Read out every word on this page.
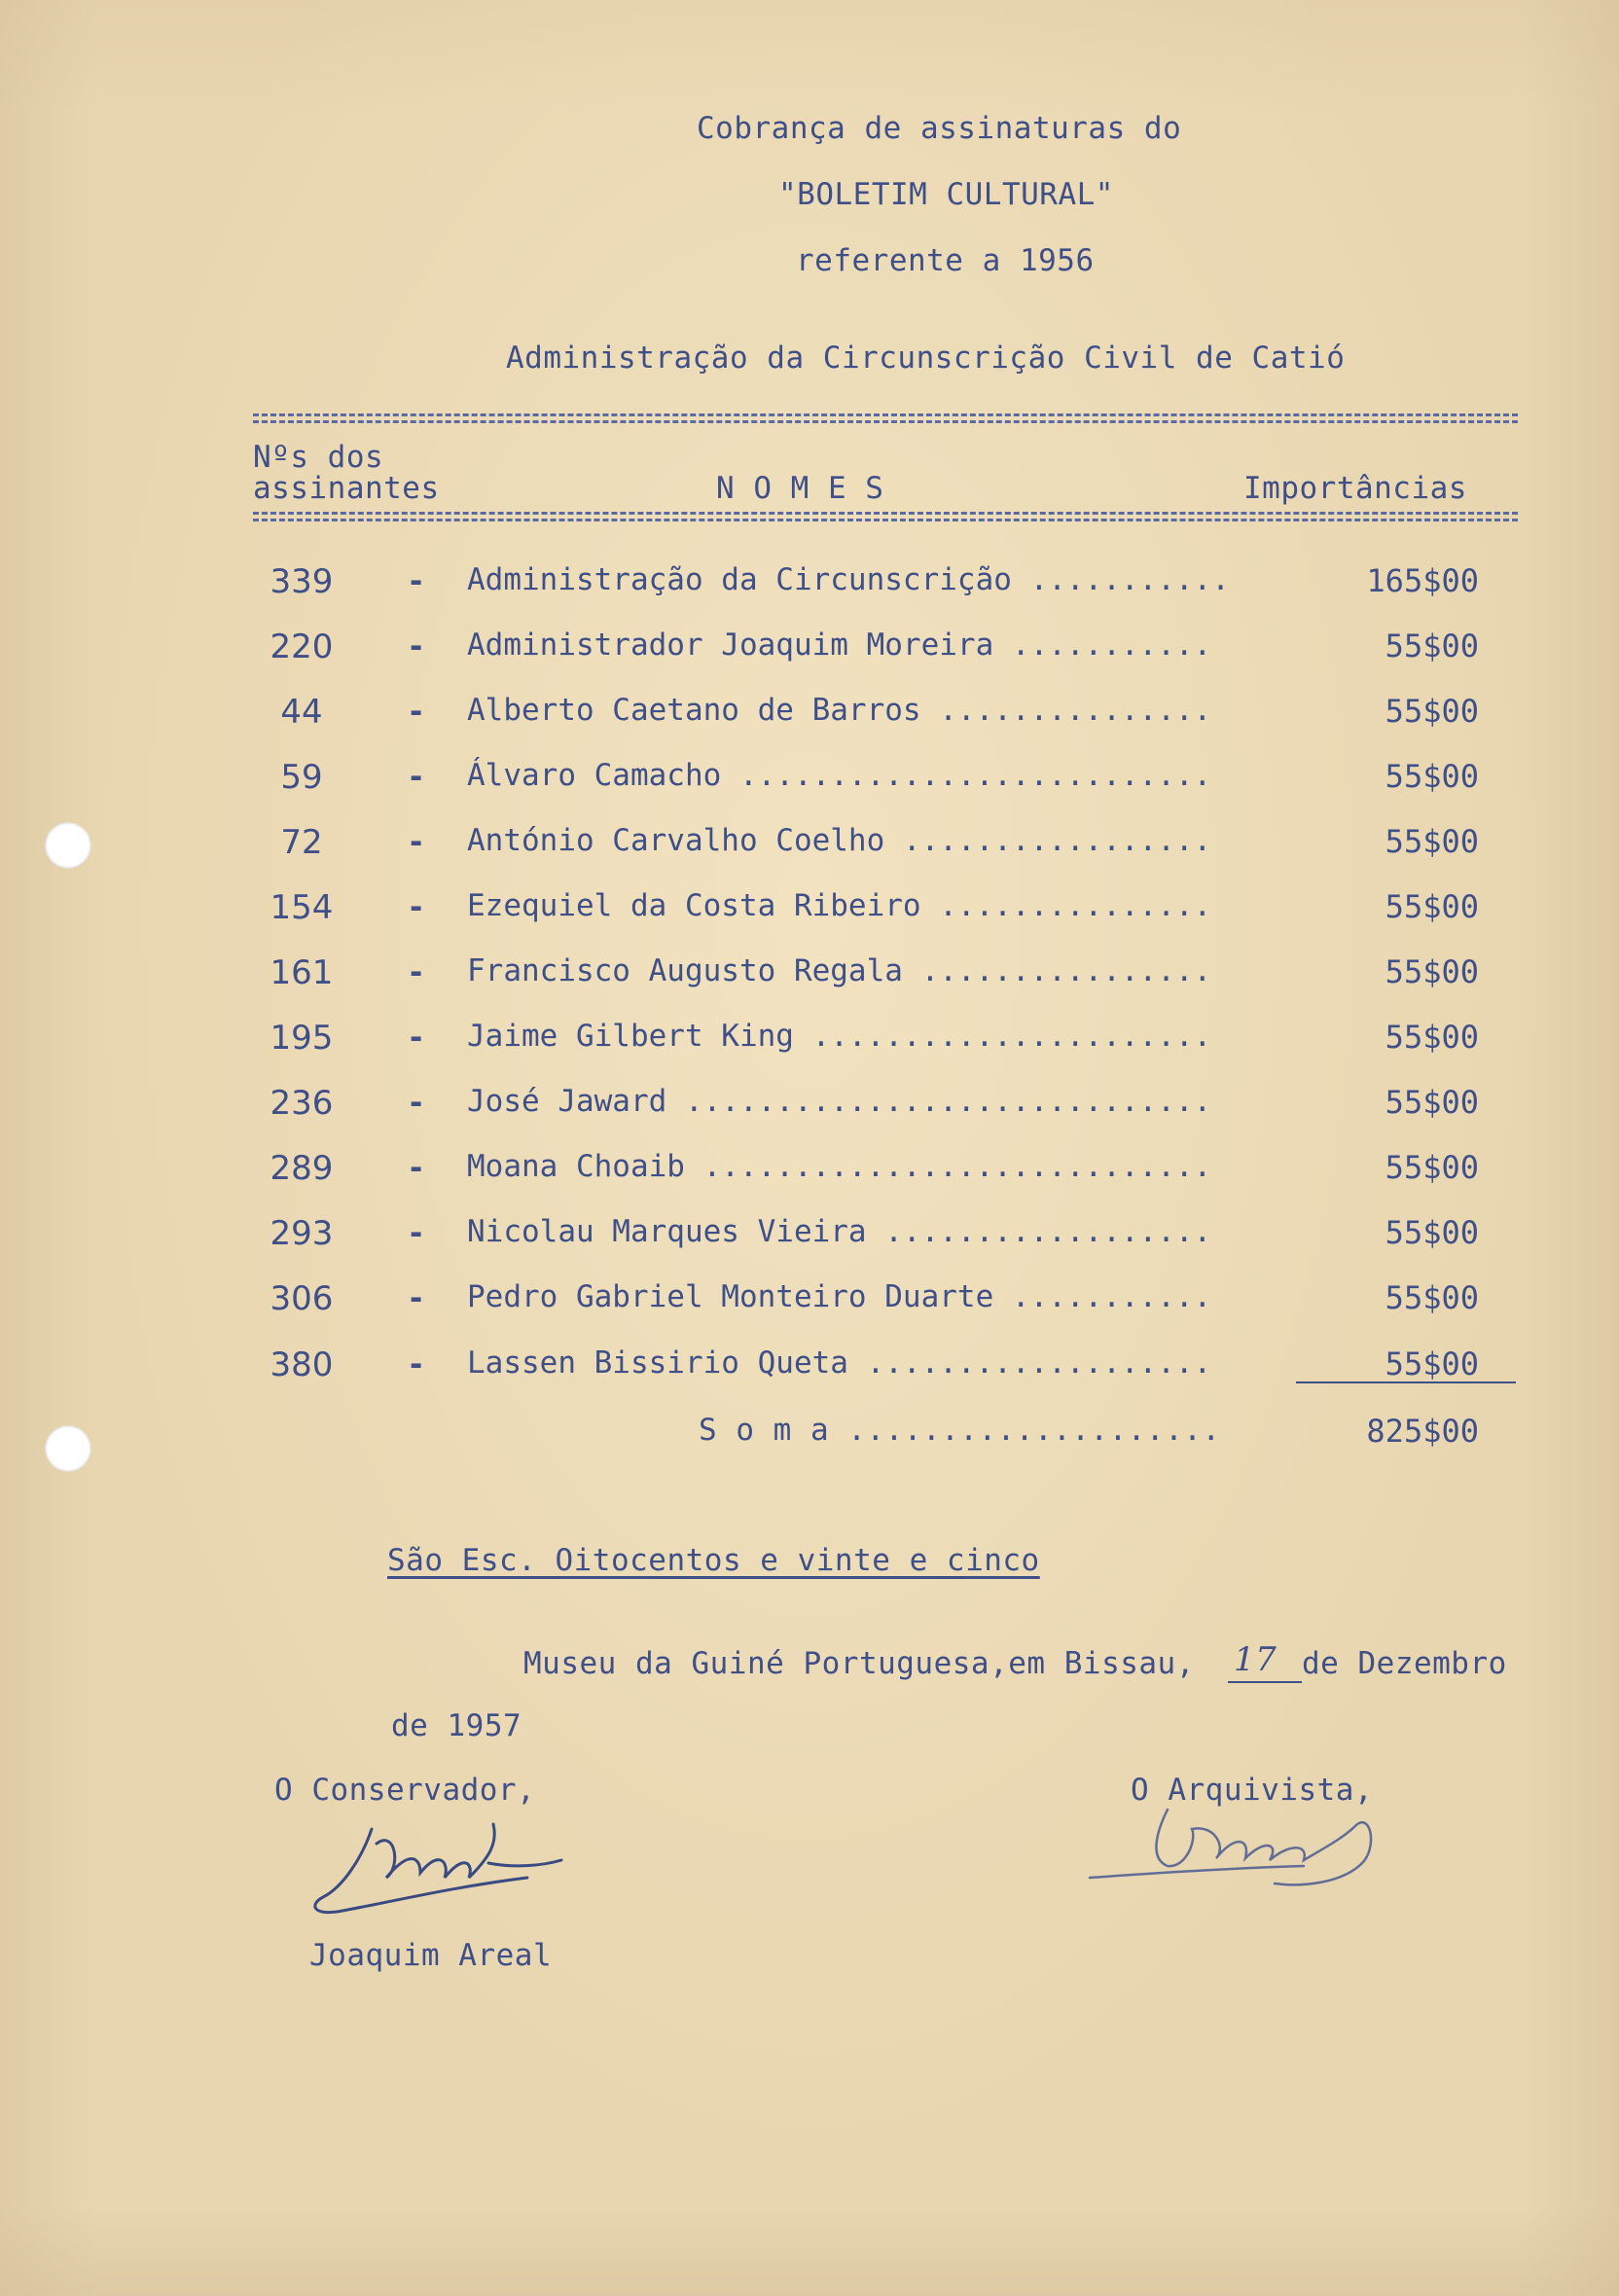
Cobrança de assinaturas do
"BOLETIM CULTURAL"
referente a 1956
Administração da Circunscrição Civil de Catió
Nºs dos
assinantes	N O M E S	Importâncias
339 - Administração da Circunscrição ...........	165$00
220 - Administrador Joaquim Moreira ...........	55$00
44	- Alberto Caetano de Barros ...............	55$00
59	- Álvaro Camacho ..........................	55$00
72	- António Carvalho Coelho .................	55$00
154 - Ezequiel da Costa Ribeiro ...............	55$00
161 - Francisco Augusto Regala ................	55$00
195 - Jaime Gilbert King ......................	55$00
236 - José Jaward .............................	55$00
289 - Moana Choaib ............................	55$00
293 - Nicolau Marques Vieira ..................	55$00
306 - Pedro Gabriel Monteiro Duarte ...........	55$00
380 - Lassen Bissirio Queta ...................	55$00
S o m a ....................	825$00
São Esc. Oitocentos e vinte e cinco
Museu da Guiné Portuguesa,em Bissau, 17 de Dezembro
de 1957
O Conservador,	O Arquivista,
Joaquim Areal
